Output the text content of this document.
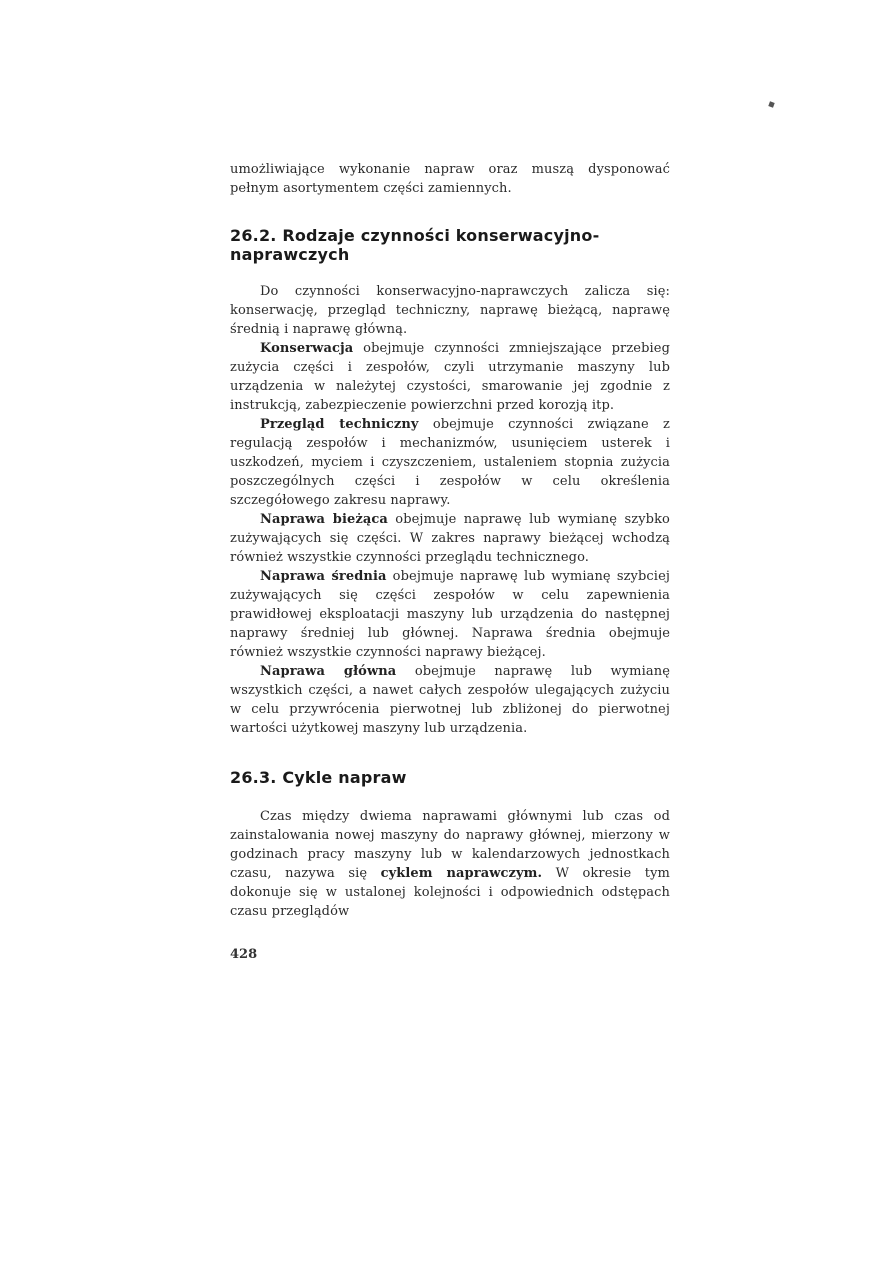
umożliwiające wykonanie napraw oraz muszą dysponować pełnym asortymentem części zamiennych.

26.2. Rodzaje czynności konserwacyjno-naprawczych

Do czynności konserwacyjno-naprawczych zalicza się: konserwację, przegląd techniczny, naprawę bieżącą, naprawę średnią i naprawę główną.

Konserwacja obejmuje czynności zmniejszające przebieg zużycia części i zespołów, czyli utrzymanie maszyny lub urządzenia w należytej czystości, smarowanie jej zgodnie z instrukcją, zabezpieczenie powierzchni przed korozją itp.

Przegląd techniczny obejmuje czynności związane z regulacją zespołów i mechanizmów, usunięciem usterek i uszkodzeń, myciem i czyszczeniem, ustaleniem stopnia zużycia poszczególnych części i zespołów w celu określenia szczegółowego zakresu naprawy.

Naprawa bieżąca obejmuje naprawę lub wymianę szybko zużywających się części. W zakres naprawy bieżącej wchodzą również wszystkie czynności przeglądu technicznego.

Naprawa średnia obejmuje naprawę lub wymianę szybciej zużywających się części zespołów w celu zapewnienia prawidłowej eksploatacji maszyny lub urządzenia do następnej naprawy średniej lub głównej. Naprawa średnia obejmuje również wszystkie czynności naprawy bieżącej.

Naprawa główna obejmuje naprawę lub wymianę wszystkich części, a nawet całych zespołów ulegających zużyciu w celu przywrócenia pierwotnej lub zbliżonej do pierwotnej wartości użytkowej maszyny lub urządzenia.

26.3. Cykle napraw

Czas między dwiema naprawami głównymi lub czas od zainstalowania nowej maszyny do naprawy głównej, mierzony w godzinach pracy maszyny lub w kalendarzowych jednostkach czasu, nazywa się cyklem naprawczym. W okresie tym dokonuje się w ustalonej kolejności i odpowiednich odstępach czasu przeglądów

428
